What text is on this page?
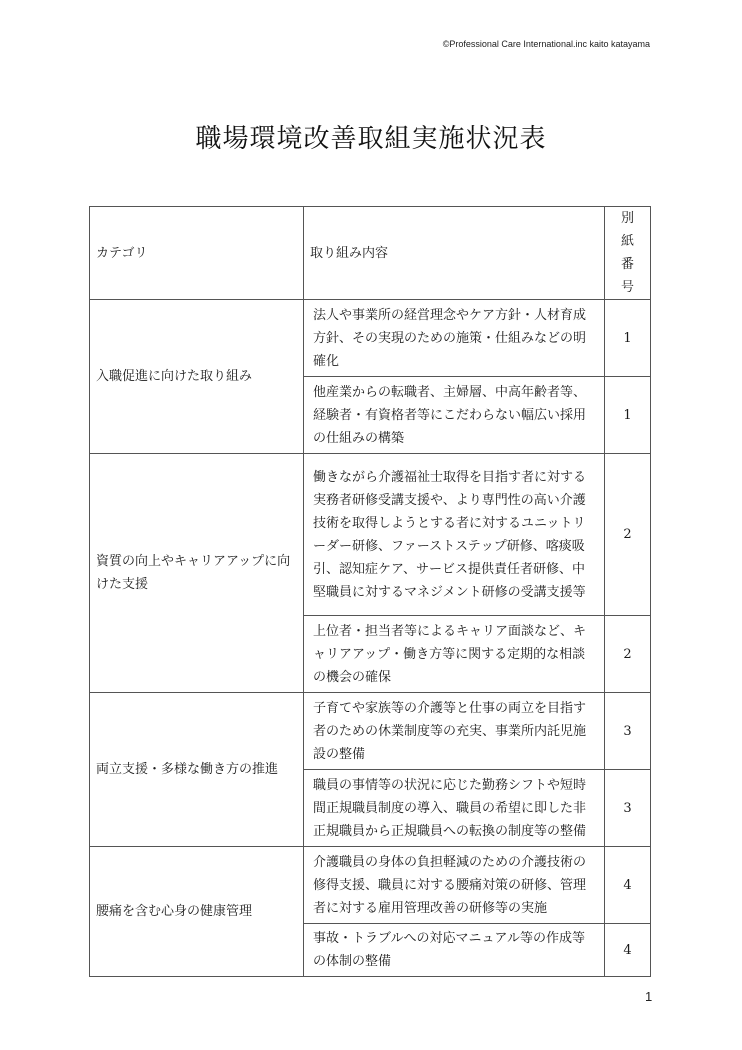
©Professional Care International.inc kaito katayama
職場環境改善取組実施状況表
カテゴリ	取り組み内容	別紙番号
入職促進に向けた取り組み	法人や事業所の経営理念やケア方針・人材育成方針、その実現のための施策・仕組みなどの明確化	1
	他産業からの転職者、主婦層、中高年齢者等、経験者・有資格者等にこだわらない幅広い採用の仕組みの構築	1
資質の向上やキャリアアップに向けた支援	働きながら介護福祉士取得を目指す者に対する実務者研修受講支援や、より専門性の高い介護技術を取得しようとする者に対するユニットリーダー研修、ファーストステップ研修、喀痰吸引、認知症ケア、サービス提供責任者研修、中堅職員に対するマネジメント研修の受講支援等	2
	上位者・担当者等によるキャリア面談など、キャリアアップ・働き方等に関する定期的な相談の機会の確保	2
両立支援・多様な働き方の推進	子育てや家族等の介護等と仕事の両立を目指す者のための休業制度等の充実、事業所内託児施設の整備	3
	職員の事情等の状況に応じた勤務シフトや短時間正規職員制度の導入、職員の希望に即した非正規職員から正規職員への転換の制度等の整備	3
腰痛を含む心身の健康管理	介護職員の身体の負担軽減のための介護技術の修得支援、職員に対する腰痛対策の研修、管理者に対する雇用管理改善の研修等の実施	4
	事故・トラブルへの対応マニュアル等の作成等の体制の整備	4
1
